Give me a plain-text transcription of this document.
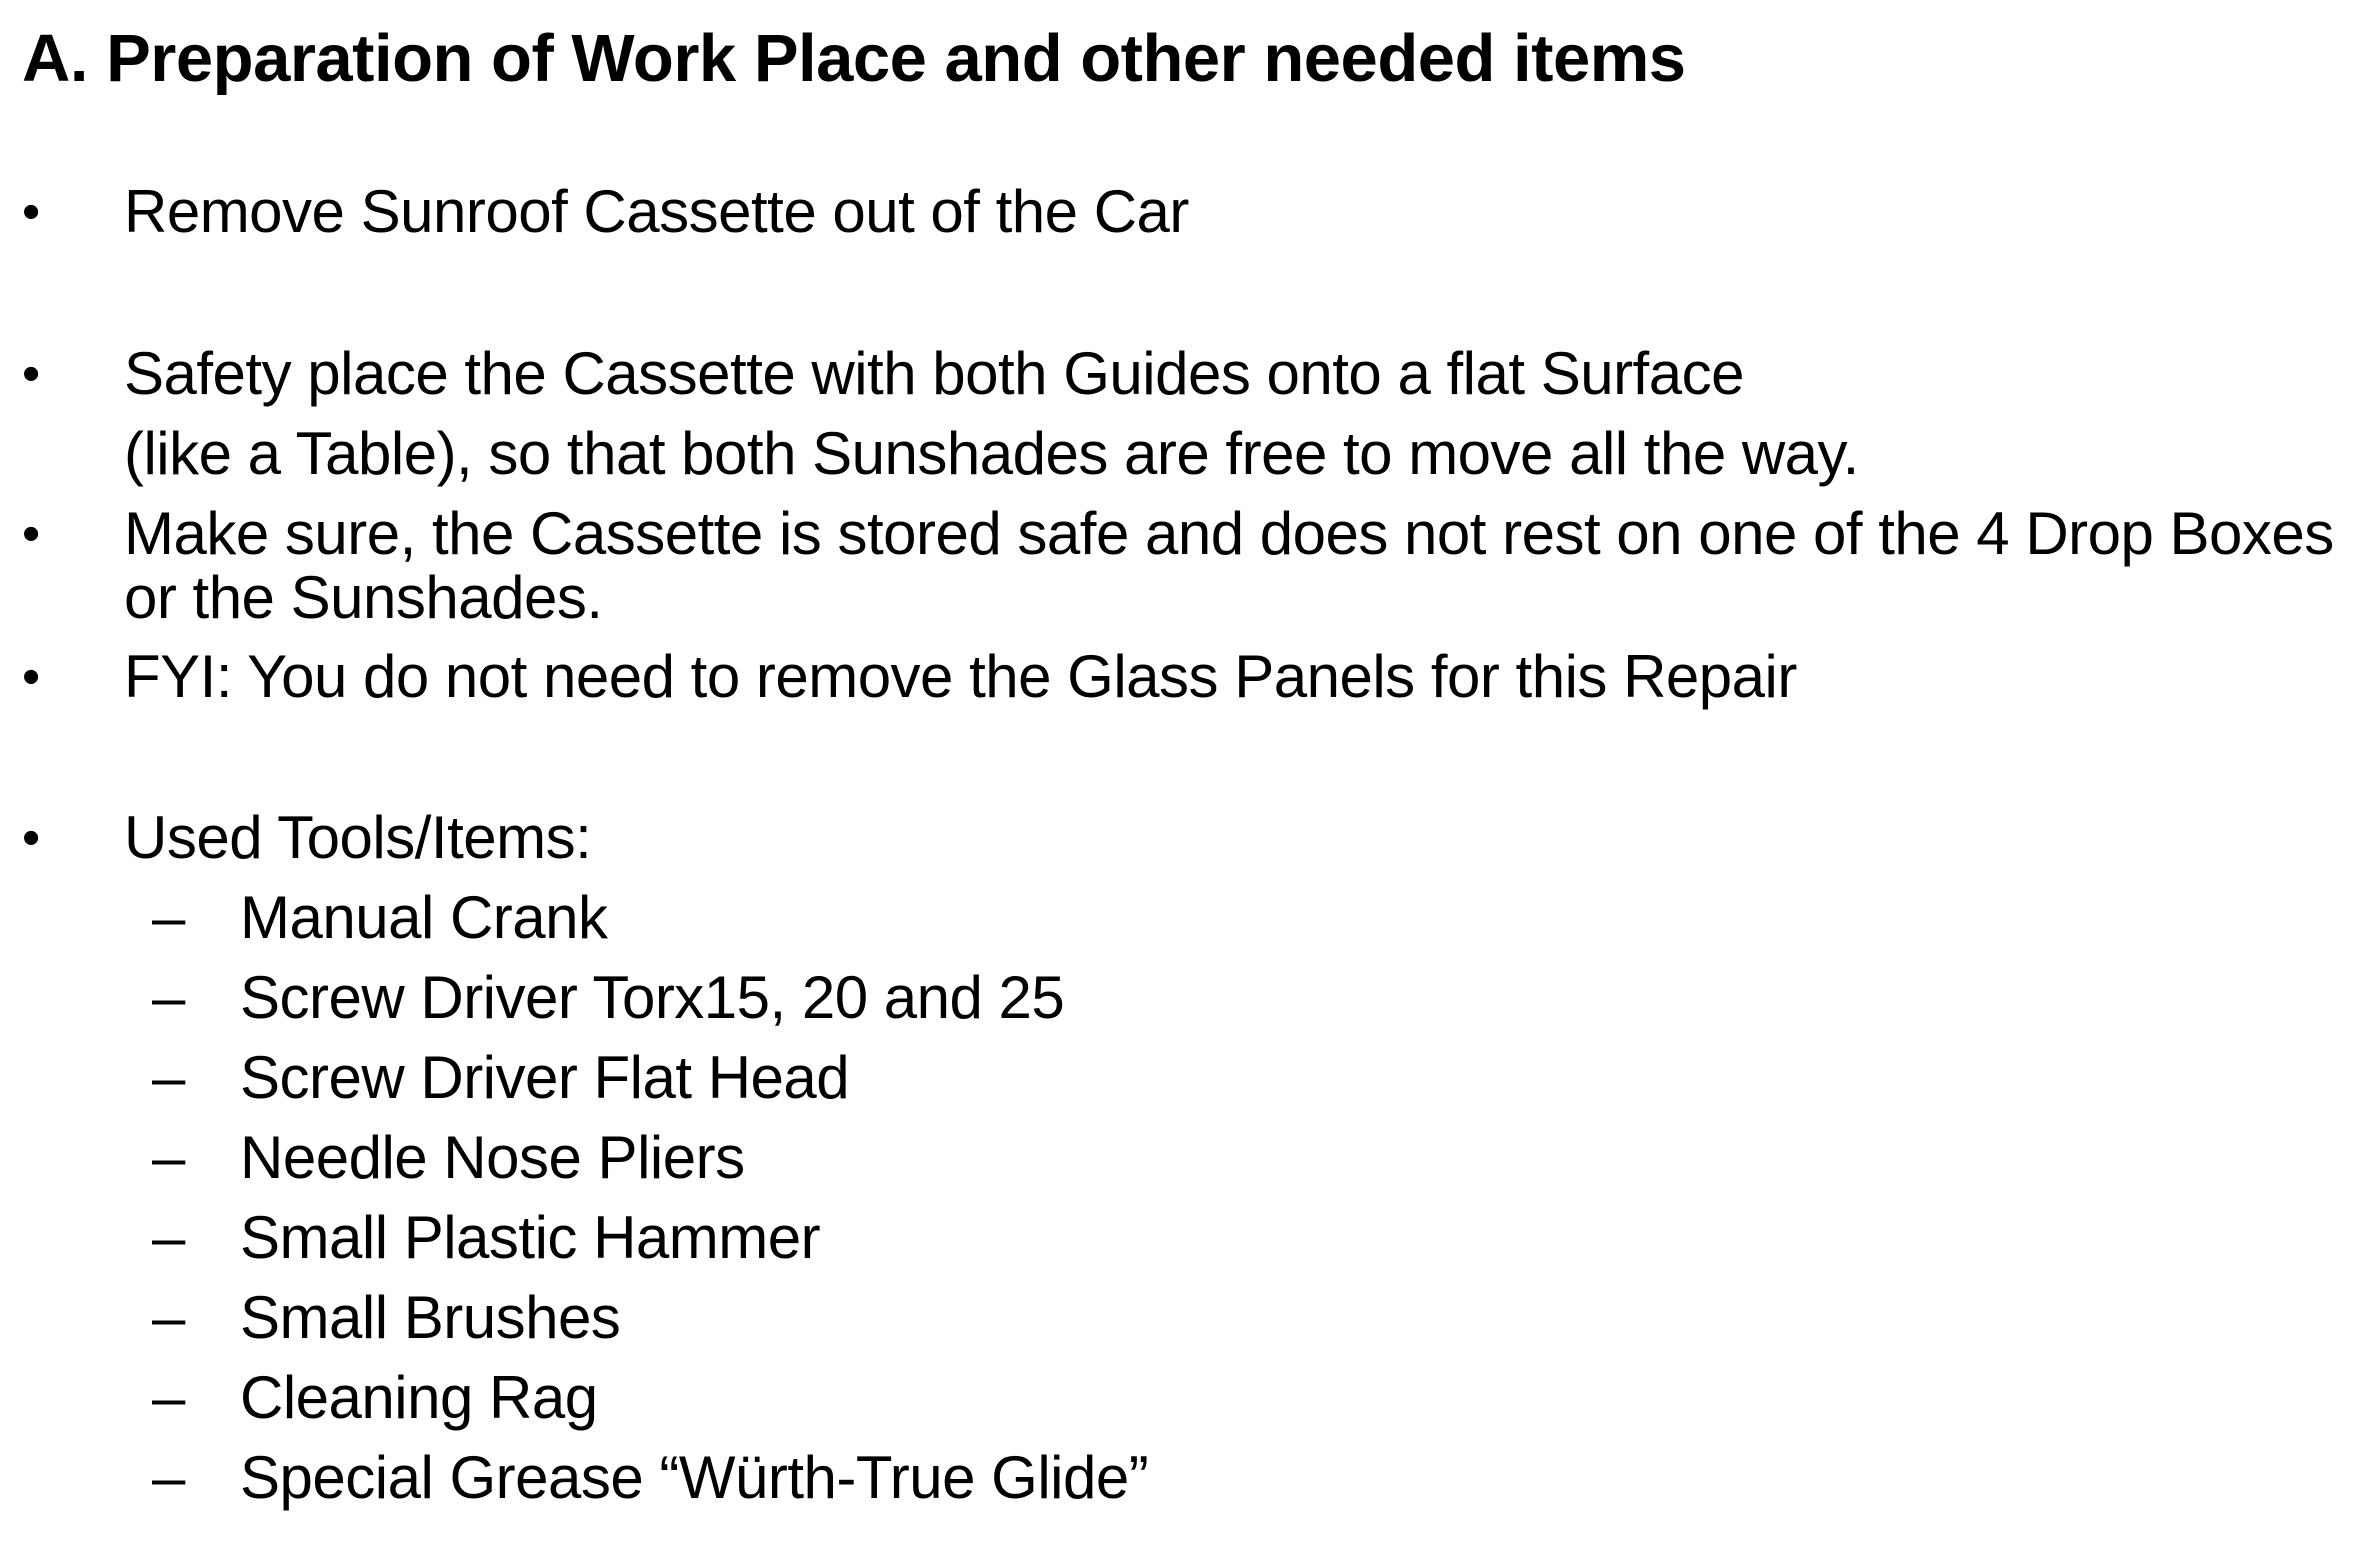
A. Preparation of Work Place and other needed items
• Remove Sunroof Cassette out of the Car
• Safety place the Cassette with both Guides onto a flat Surface
(like a Table), so that both Sunshades are free to move all the way.
• Make sure, the Cassette is stored safe and does not rest on one of the 4 Drop Boxes
or the Sunshades.
• FYI: You do not need to remove the Glass Panels for this Repair
• Used Tools/Items:
– Manual Crank
– Screw Driver Torx15, 20 and 25
– Screw Driver Flat Head
– Needle Nose Pliers
– Small Plastic Hammer
– Small Brushes
– Cleaning Rag
– Special Grease “Würth-True Glide”
